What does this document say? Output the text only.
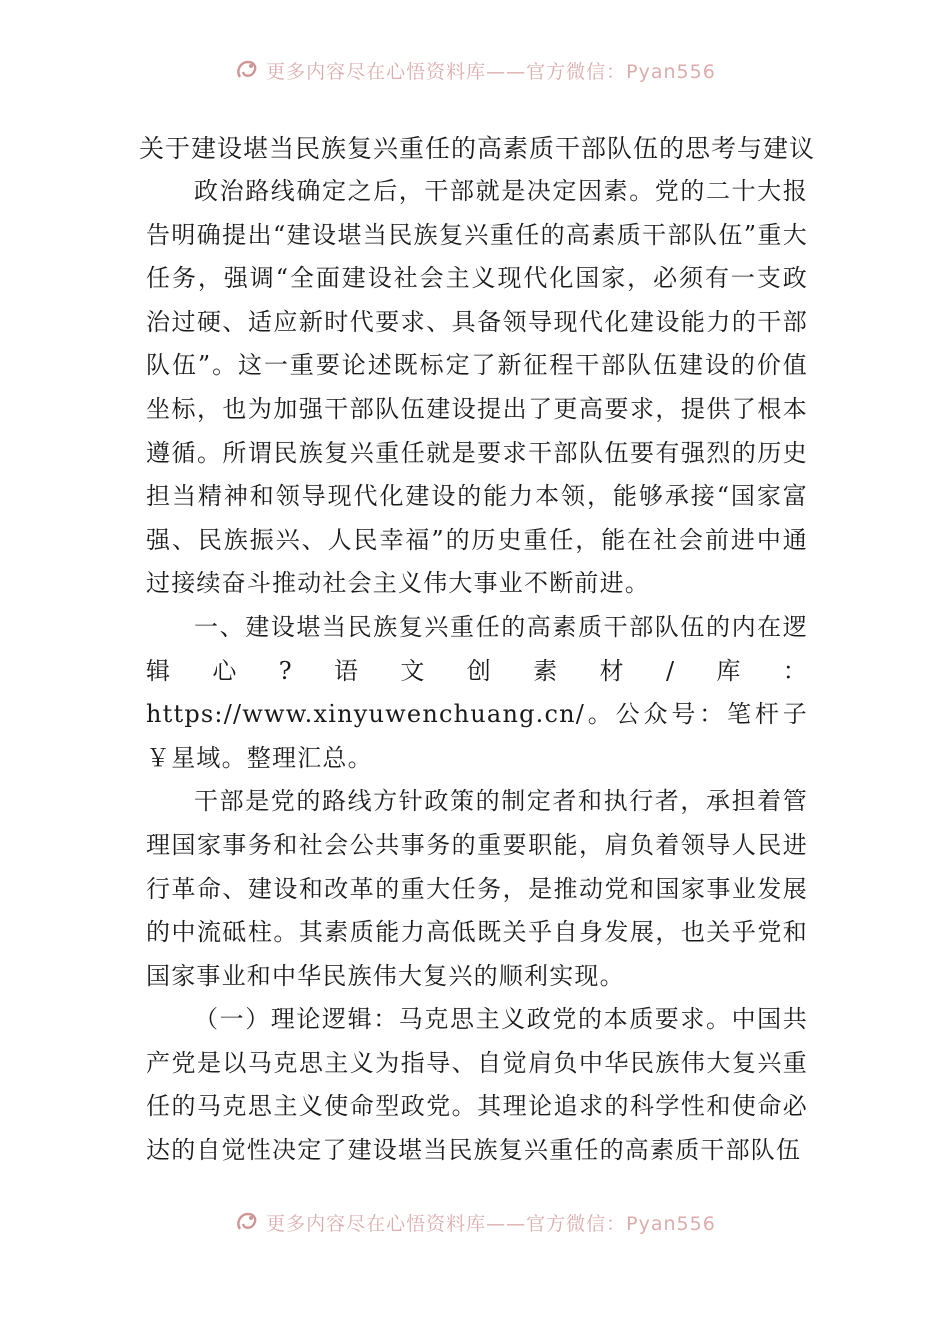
更多内容尽在心悟资料库——官方微信：Pyan556
关于建设堪当民族复兴重任的高素质干部队伍的思考与建议

政治路线确定之后，干部就是决定因素。党的二十大报告明确提出“建设堪当民族复兴重任的高素质干部队伍”重大任务，强调“全面建设社会主义现代化国家，必须有一支政治过硬、适应新时代要求、具备领导现代化建设能力的干部队伍”。这一重要论述既标定了新征程干部队伍建设的价值坐标，也为加强干部队伍建设提出了更高要求，提供了根本遵循。所谓民族复兴重任就是要求干部队伍要有强烈的历史担当精神和领导现代化建设的能力本领，能够承接“国家富强、民族振兴、人民幸福”的历史重任，能在社会前进中通过接续奋斗推动社会主义伟大事业不断前进。

一、建设堪当民族复兴重任的高素质干部队伍的内在逻辑心?语文创素材/库：https://www.xinyuwenchuang.cn/。公众号：笔杆子￥星域。整理汇总。

干部是党的路线方针政策的制定者和执行者，承担着管理国家事务和社会公共事务的重要职能，肩负着领导人民进行革命、建设和改革的重大任务，是推动党和国家事业发展的中流砥柱。其素质能力高低既关乎自身发展，也关乎党和国家事业和中华民族伟大复兴的顺利实现。

（一）理论逻辑：马克思主义政党的本质要求。中国共产党是以马克思主义为指导、自觉肩负中华民族伟大复兴重任的马克思主义使命型政党。其理论追求的科学性和使命必达的自觉性决定了建设堪当民族复兴重任的高素质干部队伍

更多内容尽在心悟资料库——官方微信：Pyan556
